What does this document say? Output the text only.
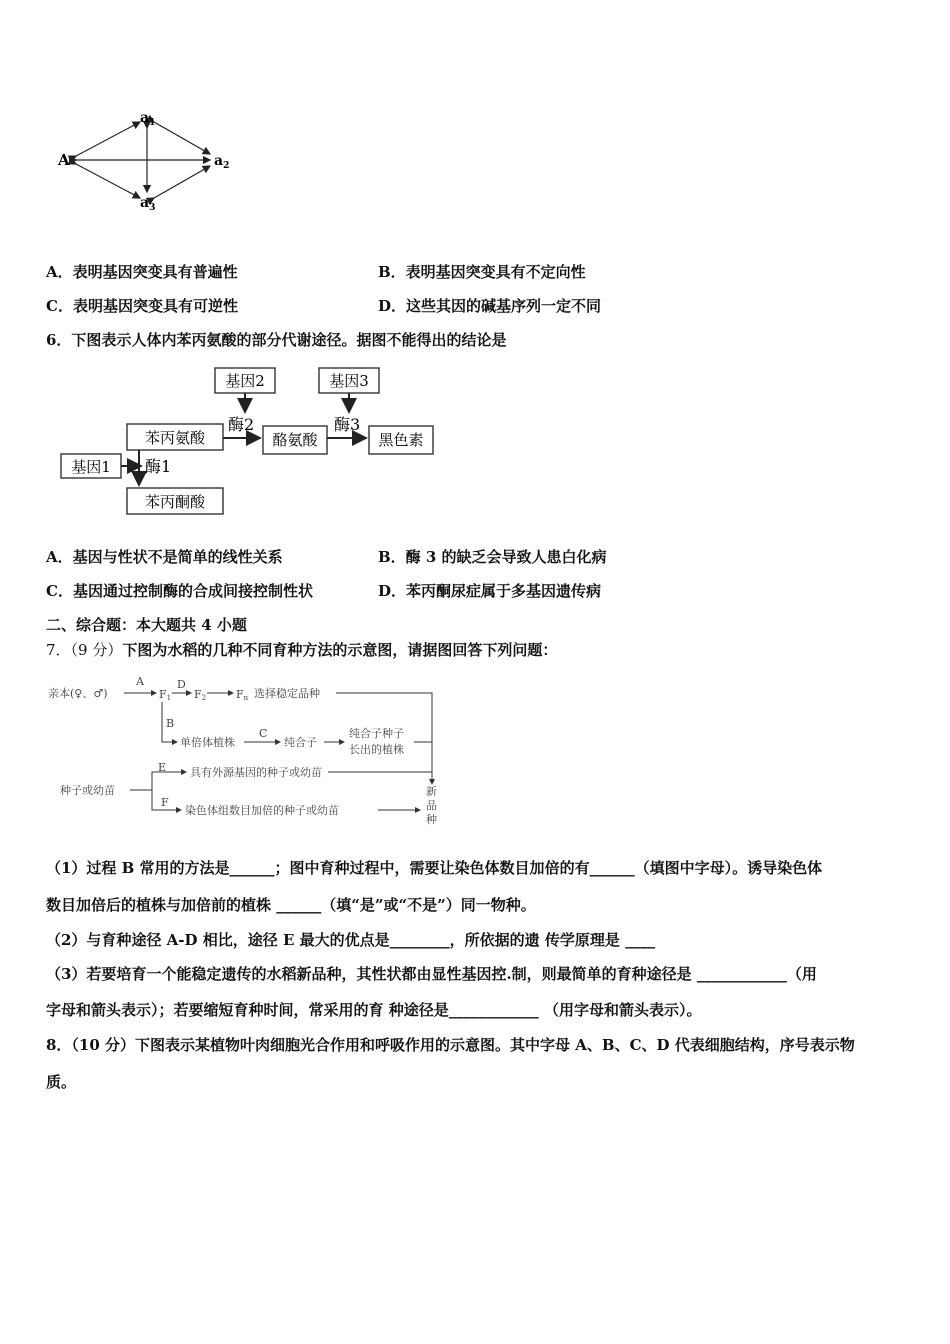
A
$a_1$
$a_2$
$a_3$
A．表明基因突变具有普遍性	B．表明基因突变具有不定向性
C．表明基因突变具有可逆性	D．这些其因的碱基序列一定不同
6．下图表示人体内苯丙氨酸的部分代谢途径。据图不能得出的结论是
基因2	基因3
酶2	酶3
苯丙氨酸	酪氨酸	黑色素
基因1 酶1
苯丙酮酸
A．基因与性状不是简单的线性关系	B．酶 3 的缺乏会导致人患白化病
C．基因通过控制酶的合成间接控制性状	D．苯丙酮尿症属于多基因遗传病
二、综合题：本大题共 4 小题
7．（9 分）下图为水稻的几种不同育种方法的示意图，请据图回答下列问题：
亲本(♀、♂)
A	D
F1 F2	Fn 选择稳定品种
B
单倍体植株
C
纯合子
纯合子种子
长出的植株
E 具有外源基因的种子或幼苗
种子或幼苗
F
染色体组数目加倍的种子或幼苗
新
品
种
（1）过程 B 常用的方法是______；图中育种过程中，需要让染色体数目加倍的有______（填图中字母）。诱导染色体
数目加倍后的植株与加倍前的植株 ______（填“是”或“不是”）同一物种。
（2）与育种途径 A-D 相比，途径 E 最大的优点是________，所依据的遗 传学原理是 ____
（3）若要培育一个能稳定遗传的水稻新品种，其性状都由显性基因控.制，则最简单的育种途径是 ____________（用
字母和箭头表示）；若要缩短育种时间，常采用的育 种途径是____________ （用字母和箭头表示）。
8．（10 分）下图表示某植物叶肉细胞光合作用和呼吸作用的示意图。其中字母 A、B、C、D 代表细胞结构，序号表示物
质。
